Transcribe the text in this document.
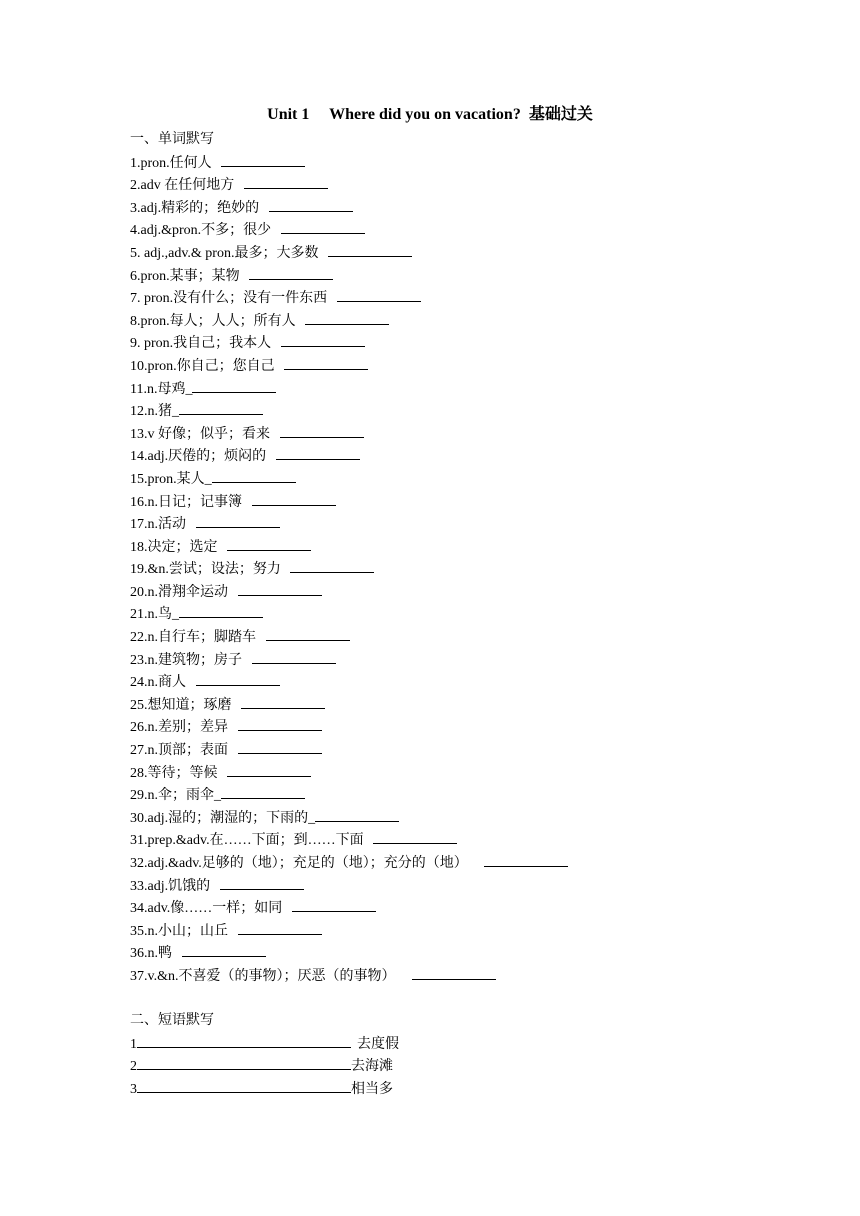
Unit 1     Where did you on vacation?  基础过关
一、单词默写
1.pron.任何人
2.adv 在任何地方
3.adj.精彩的；绝妙的
4.adj.&pron.不多；很少
5. adj.,adv.& pron.最多；大多数
6.pron.某事；某物
7. pron.没有什么；没有一件东西
8.pron.每人；人人；所有人
9. pron.我自己；我本人
10.pron.你自己；您自己
11.n.母鸡_
12.n.猪_
13.v 好像；似乎；看来
14.adj.厌倦的；烦闷的
15.pron.某人_
16.n.日记；记事簿
17.n.活动
18.决定；选定
19.&n.尝试；设法；努力
20.n.滑翔伞运动
21.n.鸟_
22.n.自行车；脚踏车
23.n.建筑物；房子
24.n.商人
25.想知道；琢磨
26.n.差别；差异
27.n.顶部；表面
28.等待；等候
29.n.伞；雨伞_
30.adj.湿的；潮湿的；下雨的_
31.prep.&adv.在……下面；到……下面
32.adj.&adv.足够的（地）；充足的（地）；充分的（地）
33.adj.饥饿的
34.adv.像……一样；如同
35.n.小山；山丘
36.n.鸭
37.v.&n.不喜爱（的事物）；厌恶（的事物）
二、短语默写
1	去度假
2	去海滩
3	相当多
